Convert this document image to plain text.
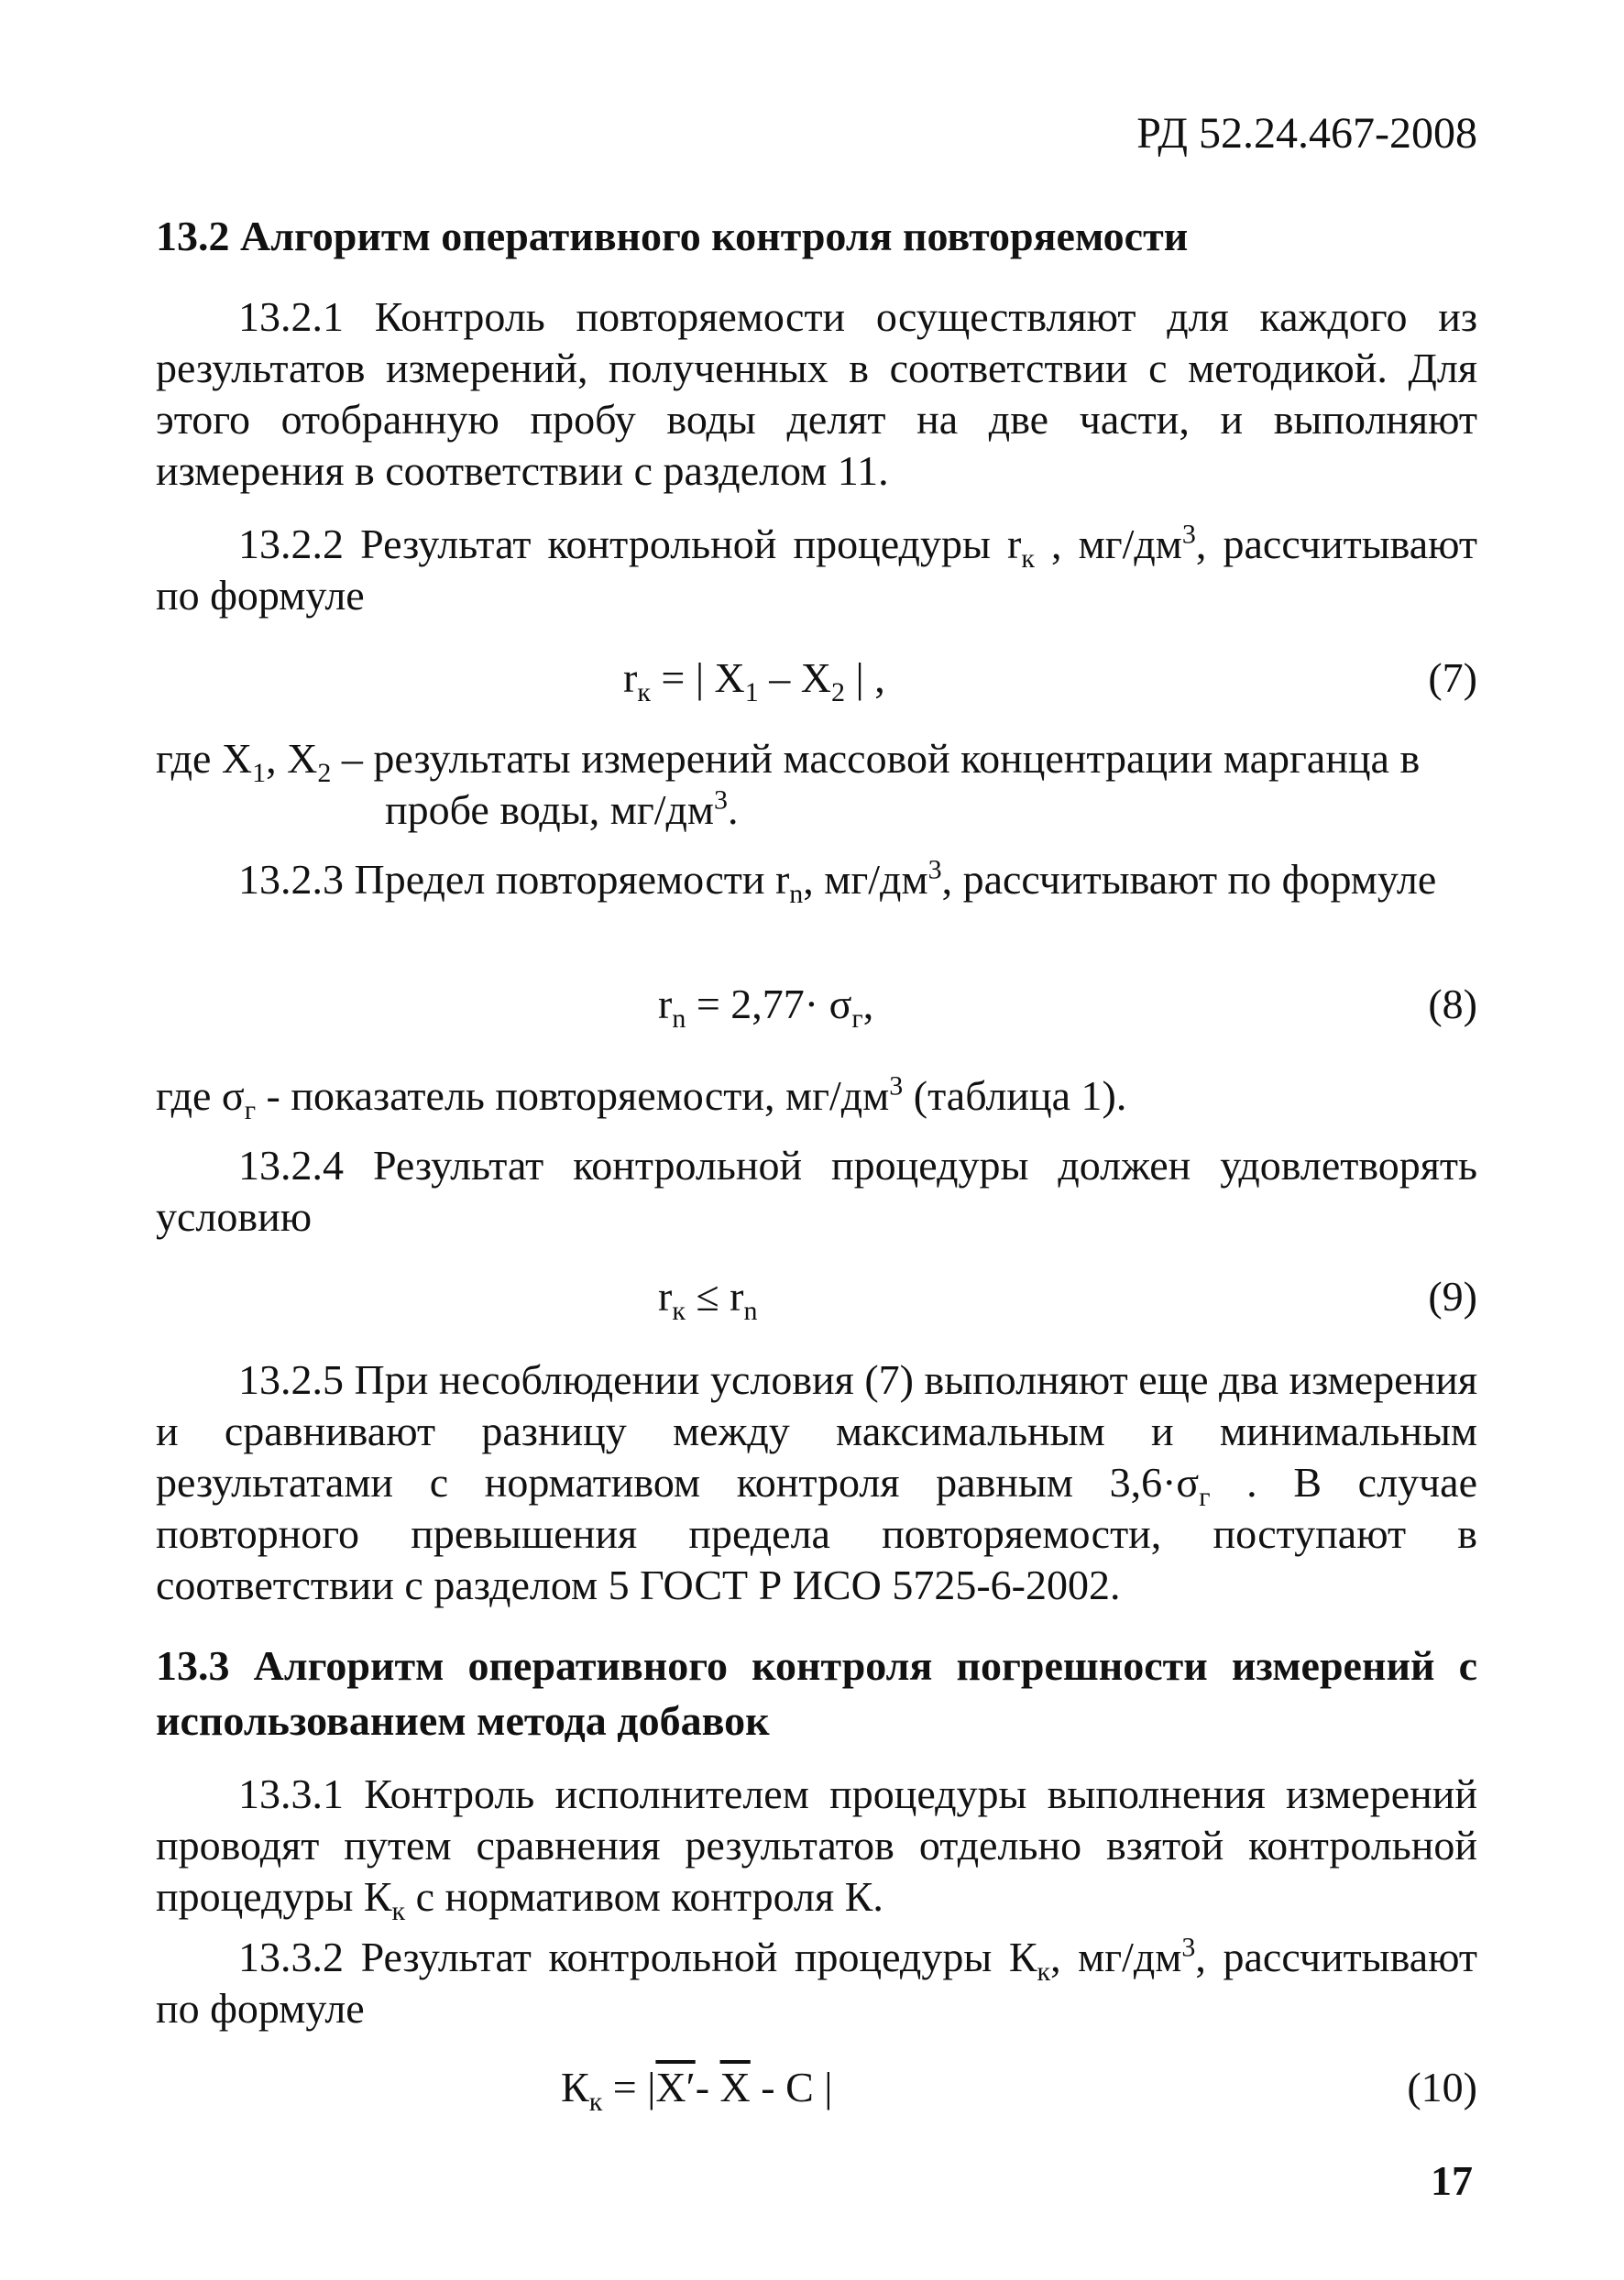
РД 52.24.467-2008
13.2 Алгоритм оперативного контроля повторяемости
13.2.1 Контроль повторяемости осуществляют для каждого из результатов измерений, полученных в соответствии с методикой. Для этого отобранную пробу воды делят на две части, и выполняют измерения в соответствии с разделом 11.
13.2.2 Результат контрольной процедуры $r_к$ , $мг/дм^3$, рассчитывают по формуле
$r_к$ = | $X_1 - X_2$ | ,	(7)
где $X_1$, $X_2$ – результаты измерений массовой концентрации марганца в
пробе воды, $мг/дм^3$.
13.2.3 Предел повторяемости $r_n$, $мг/дм^3$, рассчитывают по формуле
$r_n = 2,77\cdot \sigma_г$,	(8)
где $\sigma_г$ - показатель повторяемости, $мг/дм^3$ (таблица 1).
13.2.4 Результат контрольной процедуры должен удовлетворять условию
$r_к \le r_n$	(9)
13.2.5 При несоблюдении условия (7) выполняют еще два измерения и сравнивают разницу между максимальным и минимальным результатами с нормативом контроля равным $3,6\cdot\sigma_г$ . В случае повторного превышения предела повторяемости, поступают в соответствии с разделом 5 ГОСТ Р ИСО 5725-6-2002.
13.3 Алгоритм оперативного контроля погрешности измерений с использованием метода добавок
13.3.1 Контроль исполнителем процедуры выполнения измерений проводят путем сравнения результатов отдельно взятой контрольной процедуры $К_к$ с нормативом контроля К.
13.3.2 Результат контрольной процедуры $К_к$, $мг/дм^3$, рассчитывают по формуле
$К_к = |X'-$ $\overline{X}$ - C |	(10)
17
